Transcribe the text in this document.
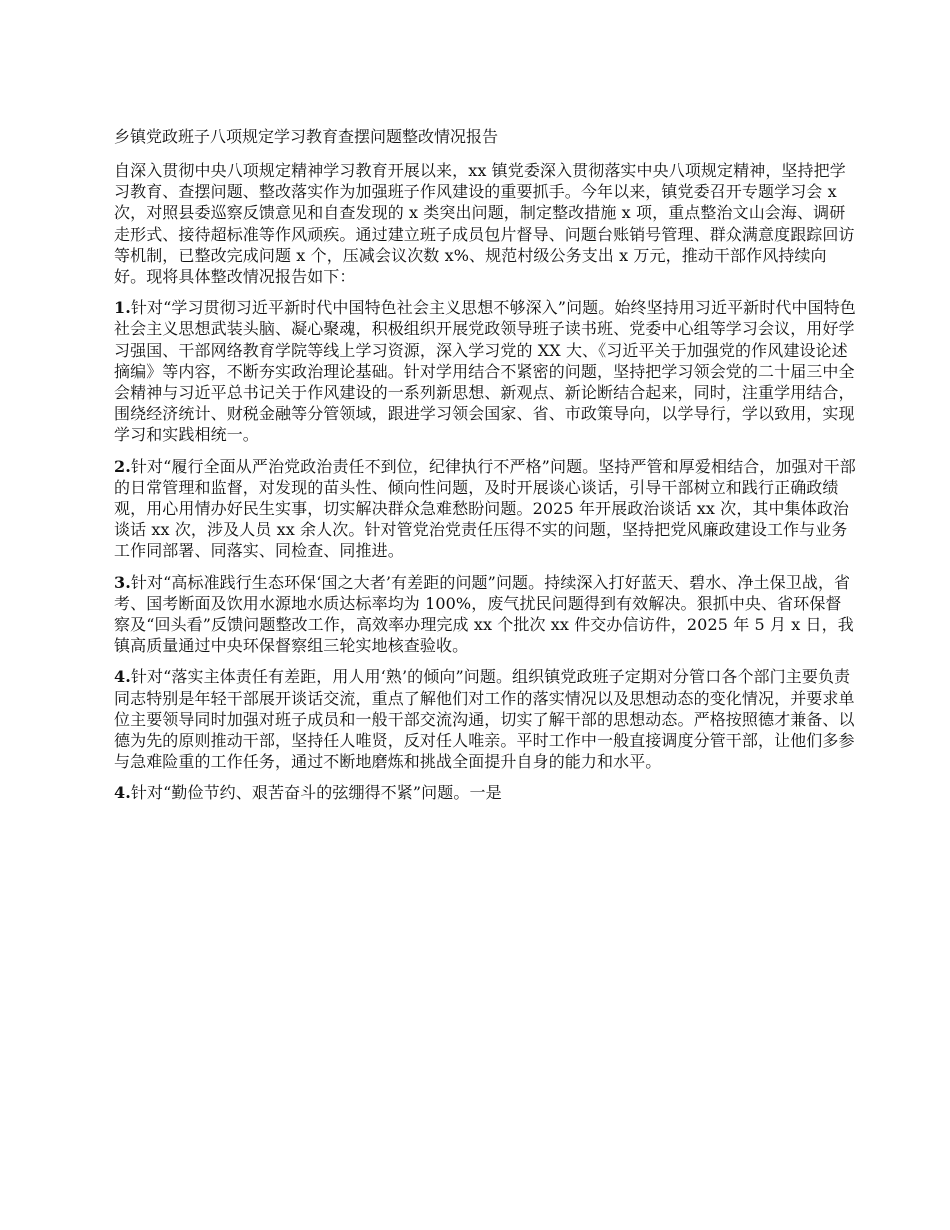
乡镇党政班子八项规定学习教育查摆问题整改情况报告

自深入贯彻中央八项规定精神学习教育开展以来，xx 镇党委深入贯彻落实中央八项规定精神，坚持把学习教育、查摆问题、整改落实作为加强班子作风建设的重要抓手。今年以来，镇党委召开专题学习会 x 次，对照县委巡察反馈意见和自查发现的 x 类突出问题，制定整改措施 x 项，重点整治文山会海、调研走形式、接待超标准等作风顽疾。通过建立班子成员包片督导、问题台账销号管理、群众满意度跟踪回访等机制，已整改完成问题 x 个，压减会议次数 x%、规范村级公务支出 x 万元，推动干部作风持续向好。现将具体整改情况报告如下：

1.针对“学习贯彻习近平新时代中国特色社会主义思想不够深入”问题。始终坚持用习近平新时代中国特色社会主义思想武装头脑、凝心聚魂，积极组织开展党政领导班子读书班、党委中心组等学习会议，用好学习强国、干部网络教育学院等线上学习资源，深入学习党的 XX 大、《习近平关于加强党的作风建设论述摘编》等内容，不断夯实政治理论基础。针对学用结合不紧密的问题，坚持把学习领会党的二十届三中全会精神与习近平总书记关于作风建设的一系列新思想、新观点、新论断结合起来，同时，注重学用结合，围绕经济统计、财税金融等分管领域，跟进学习领会国家、省、市政策导向，以学导行，学以致用，实现学习和实践相统一。

2.针对“履行全面从严治党政治责任不到位，纪律执行不严格”问题。坚持严管和厚爱相结合，加强对干部的日常管理和监督，对发现的苗头性、倾向性问题，及时开展谈心谈话，引导干部树立和践行正确政绩观，用心用情办好民生实事，切实解决群众急难愁盼问题。2025 年开展政治谈话 xx 次，其中集体政治谈话 xx 次，涉及人员 xx 余人次。针对管党治党责任压得不实的问题，坚持把党风廉政建设工作与业务工作同部署、同落实、同检查、同推进。

3.针对“高标准践行生态环保‘国之大者’有差距的问题”问题。持续深入打好蓝天、碧水、净土保卫战，省考、国考断面及饮用水源地水质达标率均为 100%，废气扰民问题得到有效解决。狠抓中央、省环保督察及“回头看”反馈问题整改工作，高效率办理完成 xx 个批次 xx 件交办信访件，2025 年 5 月 x 日，我镇高质量通过中央环保督察组三轮实地核查验收。

4.针对“落实主体责任有差距，用人用‘熟’的倾向”问题。组织镇党政班子定期对分管口各个部门主要负责同志特别是年轻干部展开谈话交流，重点了解他们对工作的落实情况以及思想动态的变化情况，并要求单位主要领导同时加强对班子成员和一般干部交流沟通，切实了解干部的思想动态。严格按照德才兼备、以德为先的原则推动干部，坚持任人唯贤，反对任人唯亲。平时工作中一般直接调度分管干部，让他们多参与急难险重的工作任务，通过不断地磨炼和挑战全面提升自身的能力和水平。

4.针对“勤俭节约、艰苦奋斗的弦绷得不紧”问题。一是
